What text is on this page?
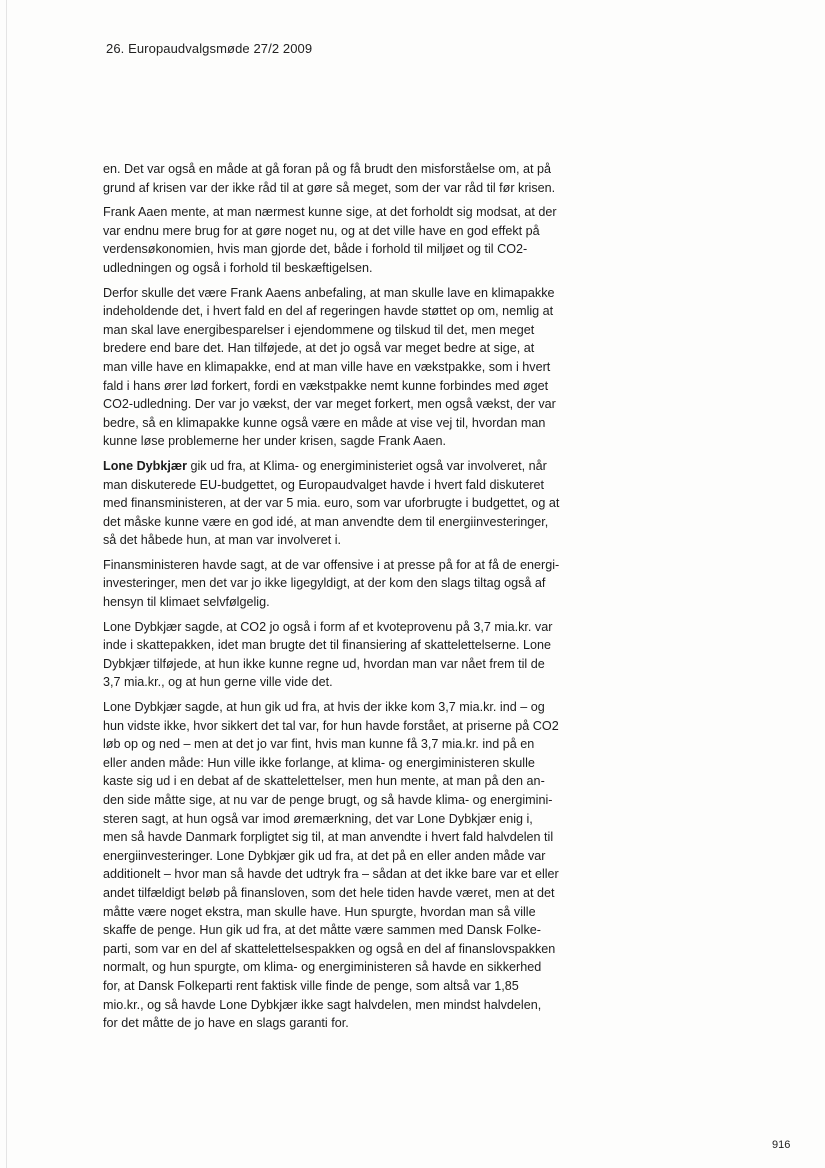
26. Europaudvalgsmøde 27/2 2009
en. Det var også en måde at gå foran på og få brudt den misforståelse om, at på
grund af krisen var der ikke råd til at gøre så meget, som der var råd til før krisen.
Frank Aaen mente, at man nærmest kunne sige, at det forholdt sig modsat, at der
var endnu mere brug for at gøre noget nu, og at det ville have en god effekt på
verdensøkonomien, hvis man gjorde det, både i forhold til miljøet og til CO2-
udledningen og også i forhold til beskæftigelsen.
Derfor skulle det være Frank Aaens anbefaling, at man skulle lave en klimapakke
indeholdende det, i hvert fald en del af regeringen havde støttet op om, nemlig at
man skal lave energibesparelser i ejendommene og tilskud til det, men meget
bredere end bare det. Han tilføjede, at det jo også var meget bedre at sige, at
man ville have en klimapakke, end at man ville have en vækstpakke, som i hvert
fald i hans ører lød forkert, fordi en vækstpakke nemt kunne forbindes med øget
CO2-udledning. Der var jo vækst, der var meget forkert, men også vækst, der var
bedre, så en klimapakke kunne også være en måde at vise vej til, hvordan man
kunne løse problemerne her under krisen, sagde Frank Aaen.
Lone Dybkjær gik ud fra, at Klima- og energiministeriet også var involveret, når
man diskuterede EU-budgettet, og Europaudvalget havde i hvert fald diskuteret
med finansministeren, at der var 5 mia. euro, som var uforbrugte i budgettet, og at
det måske kunne være en god idé, at man anvendte dem til energiinvesteringer,
så det håbede hun, at man var involveret i.
Finansministeren havde sagt, at de var offensive i at presse på for at få de energi-
investeringer, men det var jo ikke ligegyldigt, at der kom den slags tiltag også af
hensyn til klimaet selvfølgelig.
Lone Dybkjær sagde, at CO2 jo også i form af et kvoteprovenu på 3,7 mia.kr. var
inde i skattepakken, idet man brugte det til finansiering af skattelettelserne. Lone
Dybkjær tilføjede, at hun ikke kunne regne ud, hvordan man var nået frem til de
3,7 mia.kr., og at hun gerne ville vide det.
Lone Dybkjær sagde, at hun gik ud fra, at hvis der ikke kom 3,7 mia.kr. ind – og
hun vidste ikke, hvor sikkert det tal var, for hun havde forstået, at priserne på CO2
løb op og ned – men at det jo var fint, hvis man kunne få 3,7 mia.kr. ind på en
eller anden måde: Hun ville ikke forlange, at klima- og energiministeren skulle
kaste sig ud i en debat af de skattelettelser, men hun mente, at man på den an-
den side måtte sige, at nu var de penge brugt, og så havde klima- og energimini-
steren sagt, at hun også var imod øremærkning, det var Lone Dybkjær enig i,
men så havde Danmark forpligtet sig til, at man anvendte i hvert fald halvdelen til
energiinvesteringer. Lone Dybkjær gik ud fra, at det på en eller anden måde var
additionelt – hvor man så havde det udtryk fra – sådan at det ikke bare var et eller
andet tilfældigt beløb på finansloven, som det hele tiden havde været, men at det
måtte være noget ekstra, man skulle have. Hun spurgte, hvordan man så ville
skaffe de penge. Hun gik ud fra, at det måtte være sammen med Dansk Folke-
parti, som var en del af skattelettelsespakken og også en del af finanslovspakken
normalt, og hun spurgte, om klima- og energiministeren så havde en sikkerhed
for, at Dansk Folkeparti rent faktisk ville finde de penge, som altså var 1,85
mio.kr., og så havde Lone Dybkjær ikke sagt halvdelen, men mindst halvdelen,
for det måtte de jo have en slags garanti for.
916
